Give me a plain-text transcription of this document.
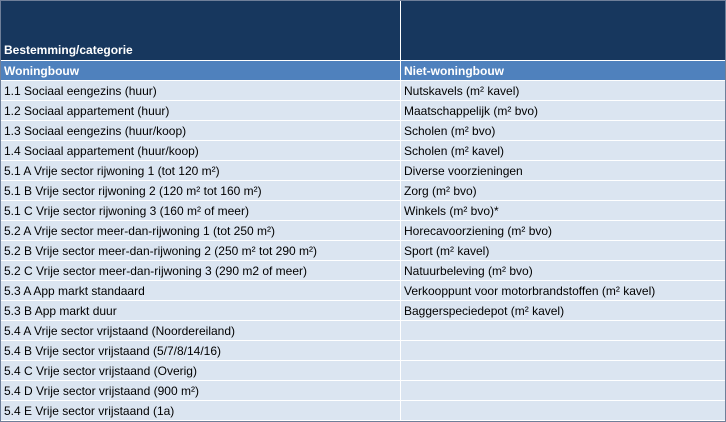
Bestemming/categorie
Woningbouw	Niet-woningbouw
1.1 Sociaal eengezins (huur)	Nutskavels (m² kavel)
1.2 Sociaal appartement (huur)	Maatschappelijk (m² bvo)
1.3 Sociaal eengezins (huur/koop)	Scholen (m² bvo)
1.4 Sociaal appartement (huur/koop)	Scholen (m² kavel)
5.1 A Vrije sector rijwoning 1 (tot 120 m²)	Diverse voorzieningen
5.1 B Vrije sector rijwoning 2 (120 m² tot 160 m²)	Zorg (m² bvo)
5.1 C Vrije sector rijwoning 3 (160 m² of meer)	Winkels (m² bvo)*
5.2 A Vrije sector meer-dan-rijwoning 1 (tot 250 m²)	Horecavoorziening (m² bvo)
5.2 B Vrije sector meer-dan-rijwoning 2 (250 m² tot 290 m²)	Sport (m² kavel)
5.2 C Vrije sector meer-dan-rijwoning 3 (290 m2 of meer)	Natuurbeleving (m² bvo)
5.3 A App markt standaard	Verkooppunt voor motorbrandstoffen (m² kavel)
5.3 B App markt duur	Baggerspeciedepot (m² kavel)
5.4 A Vrije sector vrijstaand (Noordereiland)
5.4 B Vrije sector vrijstaand (5/7/8/14/16)
5.4 C Vrije sector vrijstaand (Overig)
5.4 D Vrije sector vrijstaand (900 m²)
5.4 E Vrije sector vrijstaand (1a)
